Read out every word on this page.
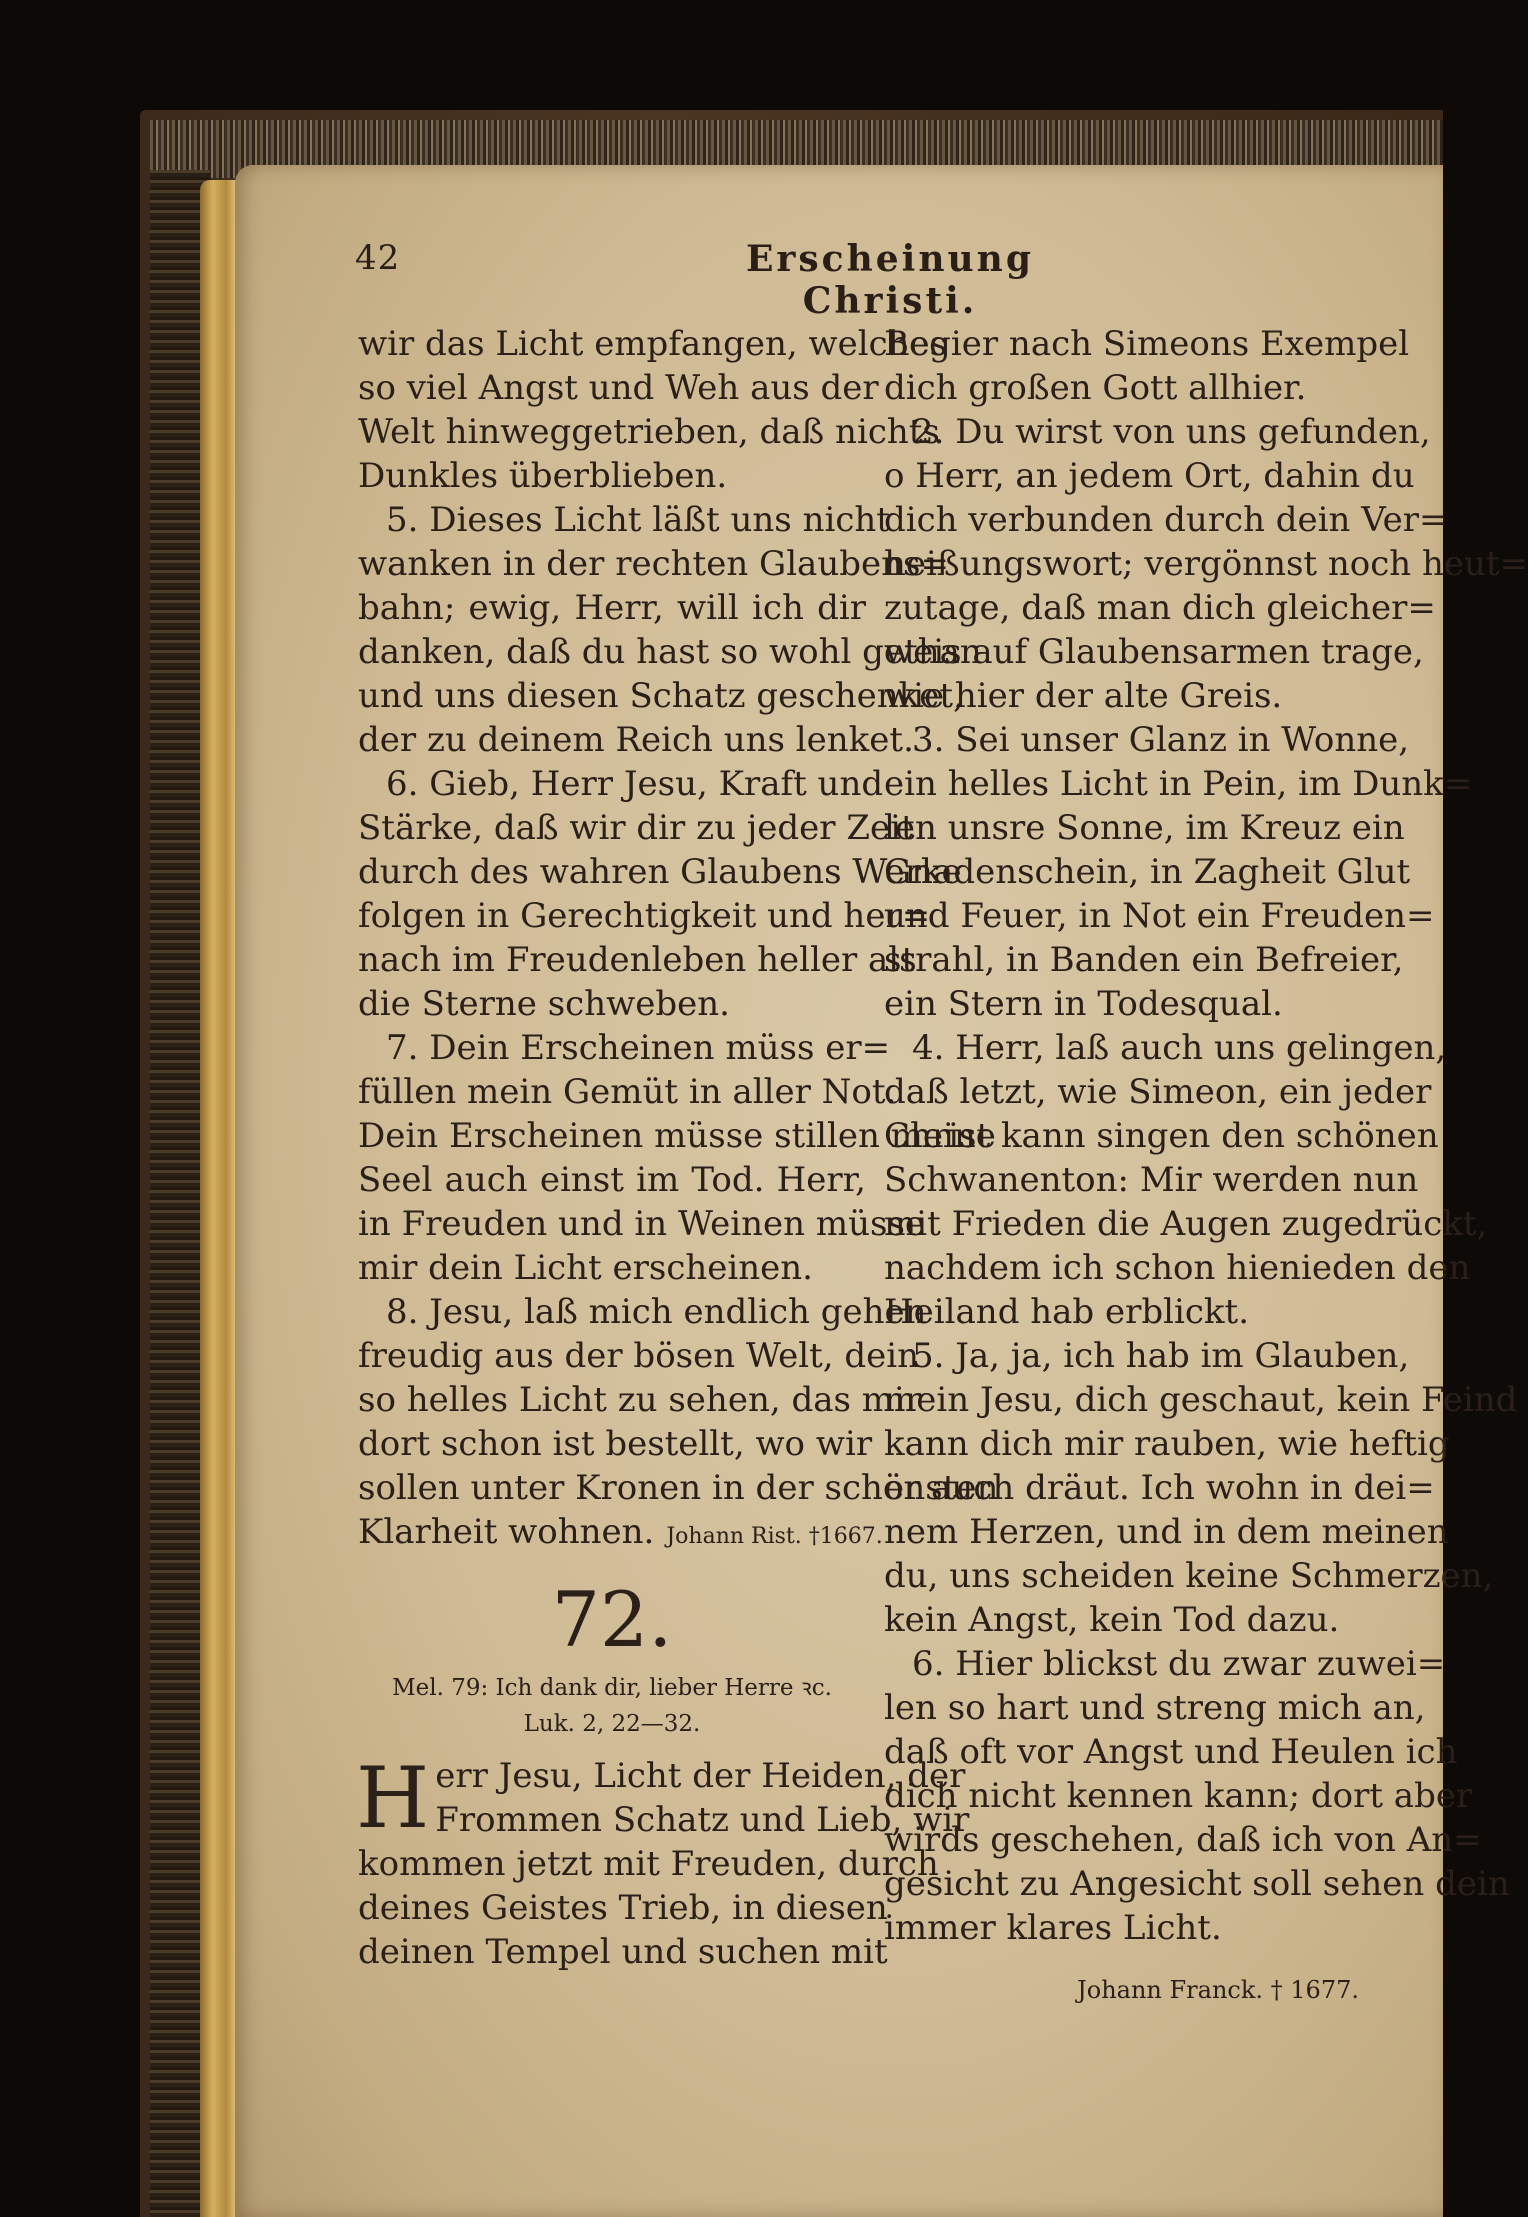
42	Erscheinung Christi.
wir das Licht empfangen, welches
so viel Angst und Weh aus der
Welt hinweggetrieben, daß nichts
Dunkles überblieben.
5. Dieses Licht läßt uns nicht
wanken in der rechten Glaubens=
bahn; ewig, Herr, will ich dir
danken, daß du hast so wohl gethan
und uns diesen Schatz geschenket,
der zu deinem Reich uns lenket.
6. Gieb, Herr Jesu, Kraft und
Stärke, daß wir dir zu jeder Zeit
durch des wahren Glaubens Werke
folgen in Gerechtigkeit und her=
nach im Freudenleben heller als
die Sterne schweben.
7. Dein Erscheinen müss er=
füllen mein Gemüt in aller Not.
Dein Erscheinen müsse stillen meine
Seel auch einst im Tod. Herr,
in Freuden und in Weinen müsse
mir dein Licht erscheinen.
8. Jesu, laß mich endlich gehen
freudig aus der bösen Welt, dein
so helles Licht zu sehen, das mir
dort schon ist bestellt, wo wir
sollen unter Kronen in der schönsten
Klarheit wohnen. Johann Rist. †1667.
72.
Mel. 79: Ich dank dir, lieber Herre ꝛc.
Luk. 2, 22—32.
H err Jesu, Licht der Heiden, der
Frommen Schatz und Lieb, wir
kommen jetzt mit Freuden, durch
deines Geistes Trieb, in diesen
deinen Tempel und suchen mit
Begier nach Simeons Exempel
dich großen Gott allhier.
2. Du wirst von uns gefunden,
o Herr, an jedem Ort, dahin du
dich verbunden durch dein Ver=
heißungswort; vergönnst noch heut=
zutage, daß man dich gleicher=
weis auf Glaubensarmen trage,
wie hier der alte Greis.
3. Sei unser Glanz in Wonne,
ein helles Licht in Pein, im Dunk=
len unsre Sonne, im Kreuz ein
Gnadenschein, in Zagheit Glut
und Feuer, in Not ein Freuden=
strahl, in Banden ein Befreier,
ein Stern in Todesqual.
4. Herr, laß auch uns gelingen,
daß letzt, wie Simeon, ein jeder
Christ kann singen den schönen
Schwanenton: Mir werden nun
mit Frieden die Augen zugedrückt,
nachdem ich schon hienieden den
Heiland hab erblickt.
5. Ja, ja, ich hab im Glauben,
mein Jesu, dich geschaut, kein Feind
kann dich mir rauben, wie heftig
er auch dräut. Ich wohn in dei=
nem Herzen, und in dem meinen
du, uns scheiden keine Schmerzen,
kein Angst, kein Tod dazu.
6. Hier blickst du zwar zuwei=
len so hart und streng mich an,
daß oft vor Angst und Heulen ich
dich nicht kennen kann; dort aber
wirds geschehen, daß ich von An=
gesicht zu Angesicht soll sehen dein
immer klares Licht.
Johann Franck. † 1677.
